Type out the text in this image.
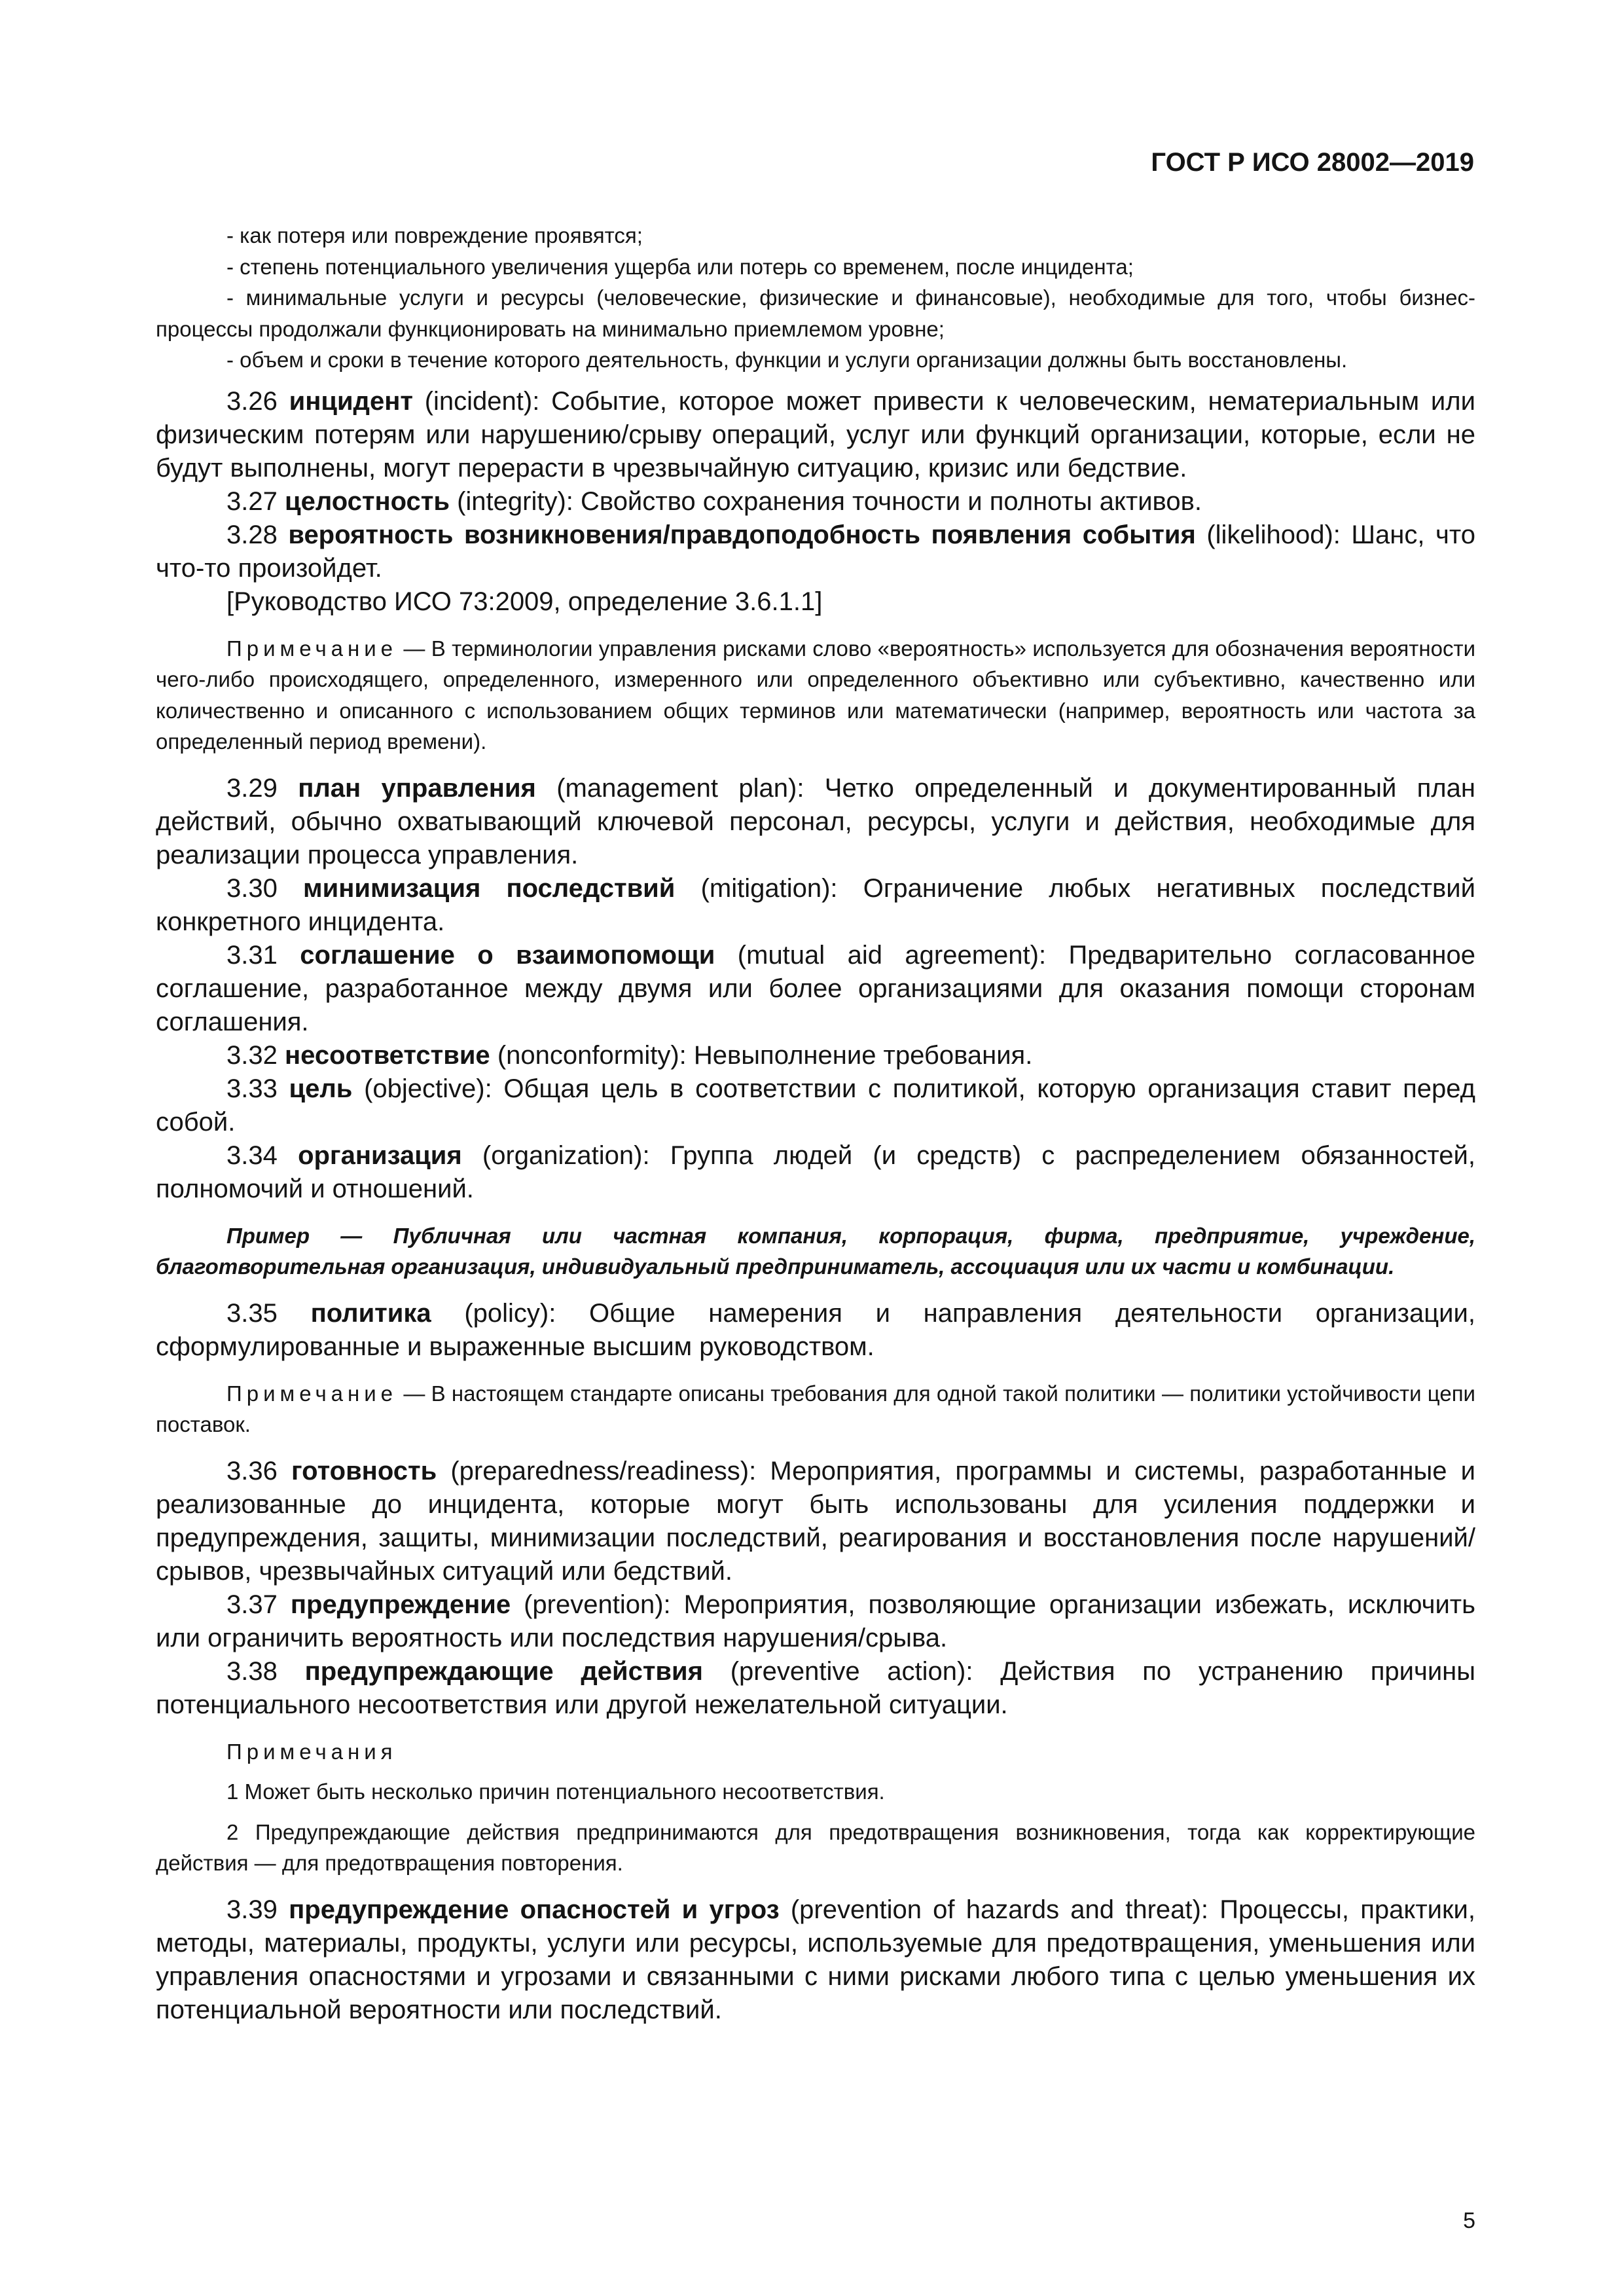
ГОСТ Р ИСО 28002—2019

- как потеря или повреждение проявятся;

- степень потенциального увеличения ущерба или потерь со временем, после инцидента;

- минимальные услуги и ресурсы (человеческие, физические и финансовые), необходимые для того, чтобы бизнес-процессы продолжали функционировать на минимально приемлемом уровне;

- объем и сроки в течение которого деятельность, функции и услуги организации должны быть восстановлены.

3.26 инцидент (incident): Событие, которое может привести к человеческим, нематериальным или физическим потерям или нарушению/срыву операций, услуг или функций организации, которые, если не будут выполнены, могут перерасти в чрезвычайную ситуацию, кризис или бедствие.

3.27 целостность (integrity): Свойство сохранения точности и полноты активов.

3.28 вероятность возникновения/правдоподобность появления события (likelihood): Шанс, что что-то произойдет.

[Руководство ИСО 73:2009, определение 3.6.1.1]

Примечание — В терминологии управления рисками слово «вероятность» используется для обозначения вероятности чего-либо происходящего, определенного, измеренного или определенного объективно или субъективно, качественно или количественно и описанного с использованием общих терминов или математически (например, вероятность или частота за определенный период времени).

3.29 план управления (management plan): Четко определенный и документированный план действий, обычно охватывающий ключевой персонал, ресурсы, услуги и действия, необходимые для реализации процесса управления.

3.30 минимизация последствий (mitigation): Ограничение любых негативных последствий конкретного инцидента.

3.31 соглашение о взаимопомощи (mutual aid agreement): Предварительно согласованное соглашение, разработанное между двумя или более организациями для оказания помощи сторонам соглашения.

3.32 несоответствие (nonconformity): Невыполнение требования.

3.33 цель (objective): Общая цель в соответствии с политикой, которую организация ставит перед собой.

3.34 организация (organization): Группа людей (и средств) с распределением обязанностей, полномочий и отношений.

Пример — Публичная или частная компания, корпорация, фирма, предприятие, учреждение, благотворительная организация, индивидуальный предприниматель, ассоциация или их части и комбинации.

3.35 политика (policy): Общие намерения и направления деятельности организации, сформулированные и выраженные высшим руководством.

Примечание — В настоящем стандарте описаны требования для одной такой политики — политики устойчивости цепи поставок.

3.36 готовность (preparedness/readiness): Мероприятия, программы и системы, разработанные и реализованные до инцидента, которые могут быть использованы для усиления поддержки и предупреждения, защиты, минимизации последствий, реагирования и восстановления после нарушений/срывов, чрезвычайных ситуаций или бедствий.

3.37 предупреждение (prevention): Мероприятия, позволяющие организации избежать, исключить или ограничить вероятность или последствия нарушения/срыва.

3.38 предупреждающие действия (preventive action): Действия по устранению причины потенциального несоответствия или другой нежелательной ситуации.

Примечания

1 Может быть несколько причин потенциального несоответствия.

2 Предупреждающие действия предпринимаются для предотвращения возникновения, тогда как корректирующие действия — для предотвращения повторения.

3.39 предупреждение опасностей и угроз (prevention of hazards and threat): Процессы, практики, методы, материалы, продукты, услуги или ресурсы, используемые для предотвращения, уменьшения или управления опасностями и угрозами и связанными с ними рисками любого типа с целью уменьшения их потенциальной вероятности или последствий.

5
